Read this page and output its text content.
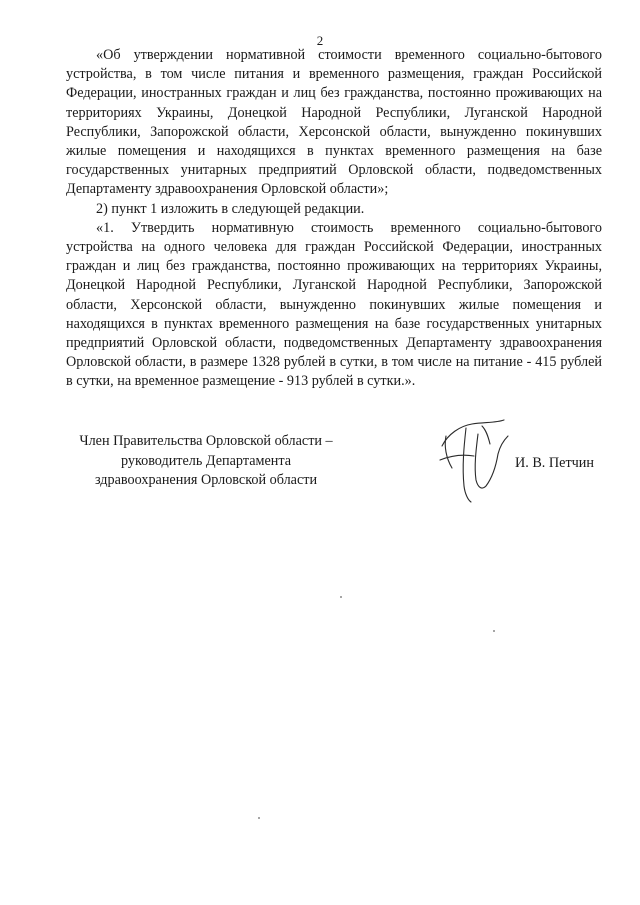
2

«Об утверждении нормативной стоимости временного социально-бытового устройства, в том числе питания и временного размещения, граждан Российской Федерации, иностранных граждан и лиц без гражданства, постоянно проживающих на территориях Украины, Донецкой Народной Республики, Луганской Народной Республики, Запорожской области, Херсонской области, вынужденно покинувших жилые помещения и находящихся в пунктах временного размещения на базе государственных унитарных предприятий Орловской области, подведомственных Департаменту здравоохранения Орловской области»;

2) пункт 1 изложить в следующей редакции.

«1. Утвердить нормативную стоимость временного социально-бытового устройства на одного человека для граждан Российской Федерации, иностранных граждан и лиц без гражданства, постоянно проживающих на территориях Украины, Донецкой Народной Республики, Луганской Народной Республики, Запорожской области, Херсонской области, вынужденно покинувших жилые помещения и находящихся в пунктах временного размещения на базе государственных унитарных предприятий Орловской области, подведомственных Департаменту здравоохранения Орловской области, в размере 1328 рублей в сутки, в том числе на питание - 415 рублей в сутки, на временное размещение - 913 рублей в сутки.».

Член Правительства Орловской области –
руководитель Департамента
здравоохранения Орловской области
И. В. Петчин
